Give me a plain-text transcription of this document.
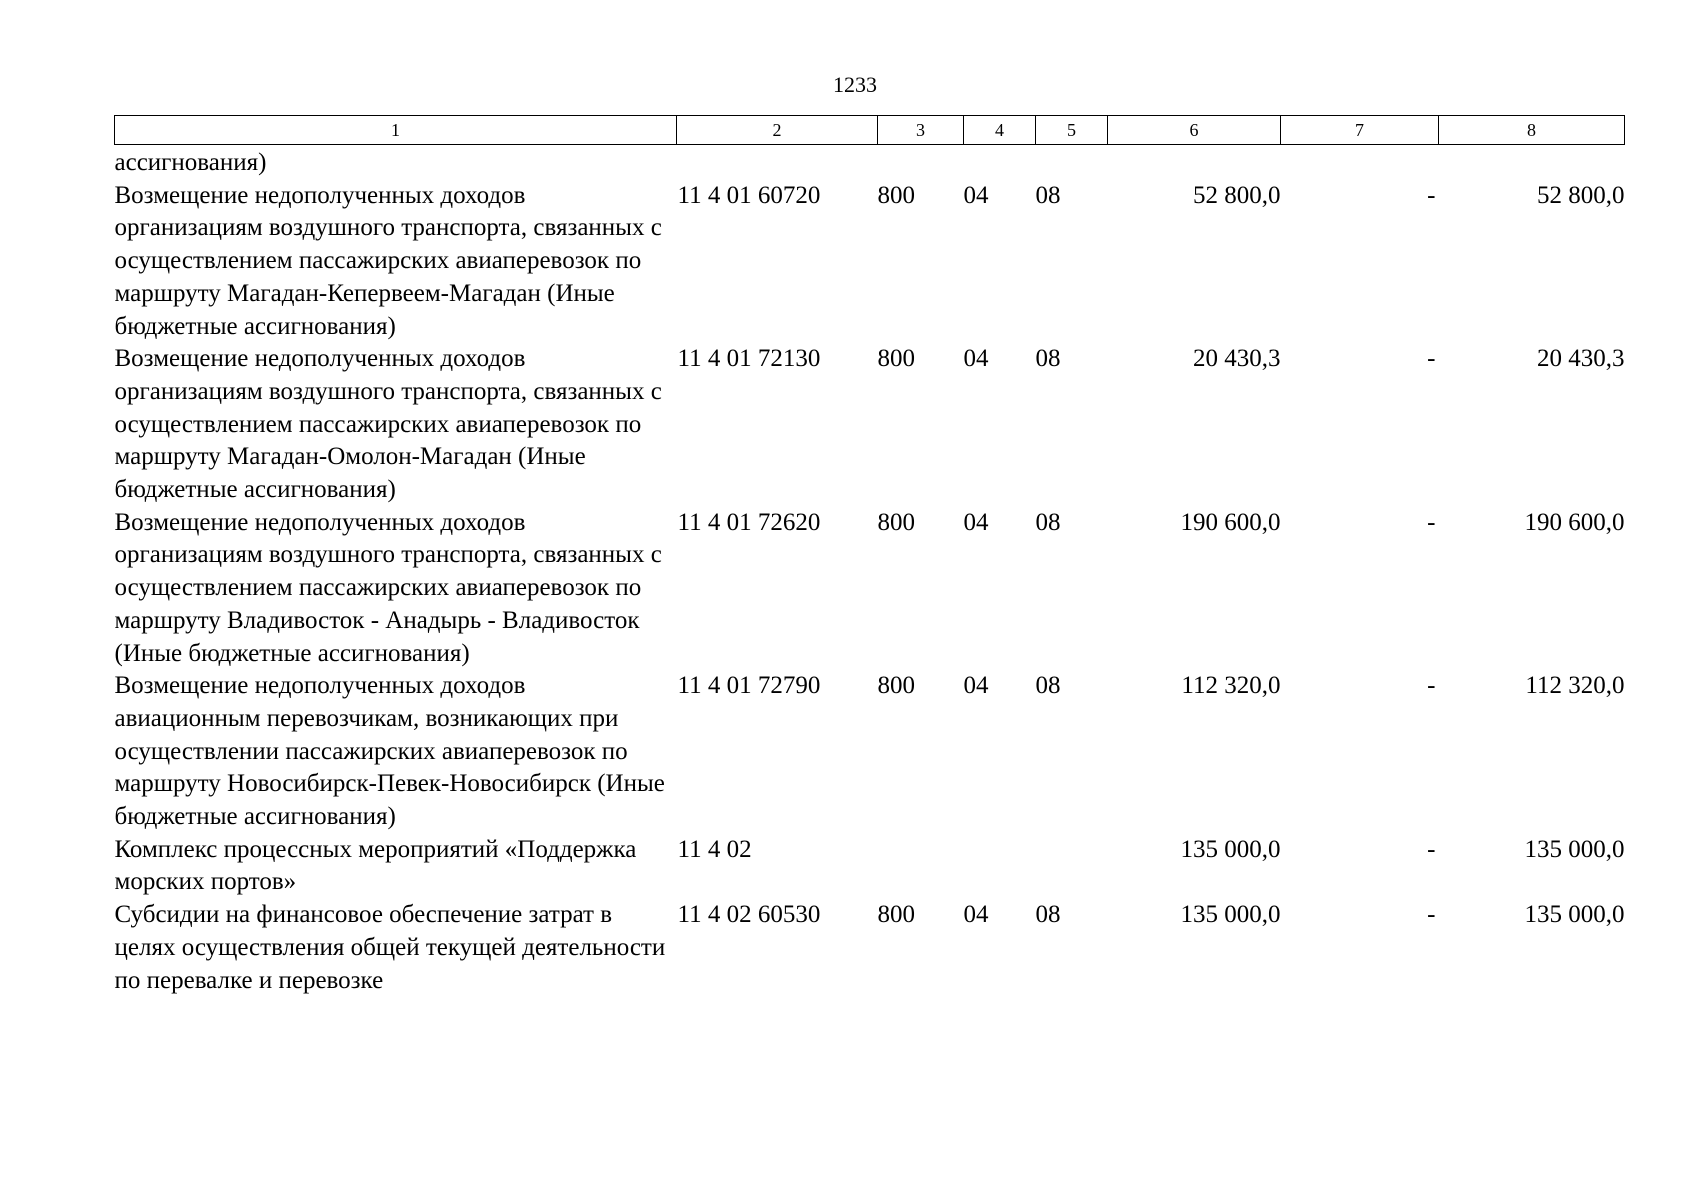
1233
1	2	3	4	5	6	7	8
ассигнования)							
Возмещение недополученных доходов организациям воздушного транспорта, связанных с осуществлением пассажирских авиаперевозок по маршруту Магадан-Кепервеем-Магадан (Иные бюджетные ассигнования)	11 4 01 60720	800	04	08	52 800,0	-	52 800,0
Возмещение недополученных доходов организациям воздушного транспорта, связанных с осуществлением пассажирских авиаперевозок по маршруту Магадан-Омолон-Магадан (Иные бюджетные ассигнования)	11 4 01 72130	800	04	08	20 430,3	-	20 430,3
Возмещение недополученных доходов организациям воздушного транспорта, связанных с осуществлением пассажирских авиаперевозок по маршруту Владивосток - Анадырь - Владивосток (Иные бюджетные ассигнования)	11 4 01 72620	800	04	08	190 600,0	-	190 600,0
Возмещение недополученных доходов авиационным перевозчикам, возникающих при осуществлении пассажирских авиаперевозок по маршруту Новосибирск-Певек-Новосибирск (Иные бюджетные ассигнования)	11 4 01 72790	800	04	08	112 320,0	-	112 320,0
Комплекс процессных мероприятий «Поддержка морских портов»	11 4 02				135 000,0	-	135 000,0
Субсидии на финансовое обеспечение затрат в целях осуществления общей текущей деятельности по перевалке и перевозке	11 4 02 60530	800	04	08	135 000,0	-	135 000,0
